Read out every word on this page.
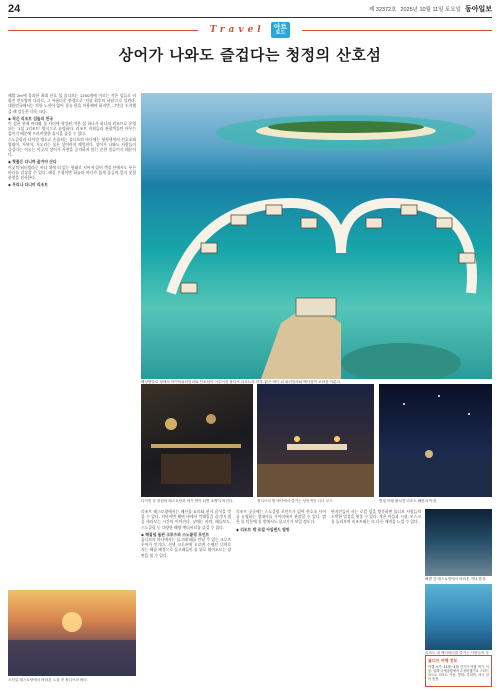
24	제 32372호 2025년 10월 11일 토요일 동아일보
Travel	아트
로드
상어가 나와도 즐겁다는 청정의 산호섬

해발 2m에 불과한 최대 산호 섬 몰디브는 1200개에 이르는 작은 섬들로 이뤄진 인도양의 나라로, 그 아름다운 풍경으로 '지상 최후의 낙원'으로 불린다. 대한민국에서는 직항 노선이 없어 경유 편을 이용해야 하지만, 그만큼 도착했을 때 감동은 더욱 크다.

◆ 작은 리조트 섬들의 천국

이 섬은 현재 바다와 물 사이에 형성된 작은 섬 하나가 하나의 리조트로 운영되는 '1섬 1리조트' 방식으로 유명하다. 리조트 직원들과 관광객들만 머무는 섬이기 때문에 프라이빗한 휴식을 즐길 수 있다.

스노클링과 다이빙 명소로 손꼽히는 몰디브의 바다에는 형형색색의 산호초와 열대어, 거북이, 가오리는 물론 상어까지 헤엄친다. 상어가 나와도 사람들이 즐겁다는 이유는 이곳의 상어가 사람을 공격하지 않는 순한 종류이기 때문이다.

◆ 핫플은 다니며 즐겨야 산다

이곳의 워터빌라는 바다 위에 떠 있는 형태로 지어져 있어 객실 안에서도 푸른 바다를 감상할 수 있다. 해질 무렵이면 하늘과 바다가 붉게 물들며 잊지 못할 풍경을 선사한다.

◆ 무리나 다니미 리조트

해상방갈로 형태의 하이어워터빌라와 산호섬이 어우러진 몰디브 리조트의 전경. 맑은 바다 위 워터빌라와 백사장이 조화를 이룬다.
다이빙 강 정원의 레스토랑과 바가 밤이 되면 조명이 켜진다.	몰디브의 밤 바다에서 즐기는 낭만적인 디너 코스.	별빛 아래 펼쳐진 리조트 해변과 야경.

리조트 레스토랑에서는 해산물 요리와 현지 음식을 맛볼 수 있다. 저녁이면 해변 바에서 칵테일을 즐기며 별을 바라보는 시간이 이어진다. 낮에는 카약, 패들보드, 스노클링 등 다양한 해양 액티비티를 즐길 수 있다.

◆ 해질녘 돌핀 크루즈와 스노클링 포인트

몰디브의 바다에서는 돌고래 떼를 만날 수 있는 크루즈 투어가 인기다. 선셋 크루즈에 오르면 수평선 너머로 지는 해를 배경으로 돌고래들이 물 위로 뛰어오르는 장면을 볼 수 있다.

리조트 곳곳에는 스노클링 포인트가 있어 산호초 사이를 유영하는 열대어를 가까이에서 관찰할 수 있다. 맑은 물 덕분에 물 밖에서도 물고기가 보일 정도다.

◆ 리조트 밖 로컬 아일랜드 탐방

현지인들이 사는 로컬 섬을 방문하면 몰디브 사람들의 소박한 일상을 엿볼 수 있다. 작은 마을과 시장, 모스크를 둘러보며 리조트와는 또 다른 매력을 느낄 수 있다.

해변 앞 레스토랑에서 바라본 저녁 풍경.
리조트 내 액티비티를 즐기는 사람들이 푸
오션뷰 레스토랑에서 바라본 노을 진 몰디브의 바다.
몰디브 여행 정보
여행 시기: 11월~4월 건기가 여행 적기. 이동: 말레 국제공항에서 수상비행기나 스피드보트로 리조트 이동. 통화: 루피야, 미국 달러 통용.
